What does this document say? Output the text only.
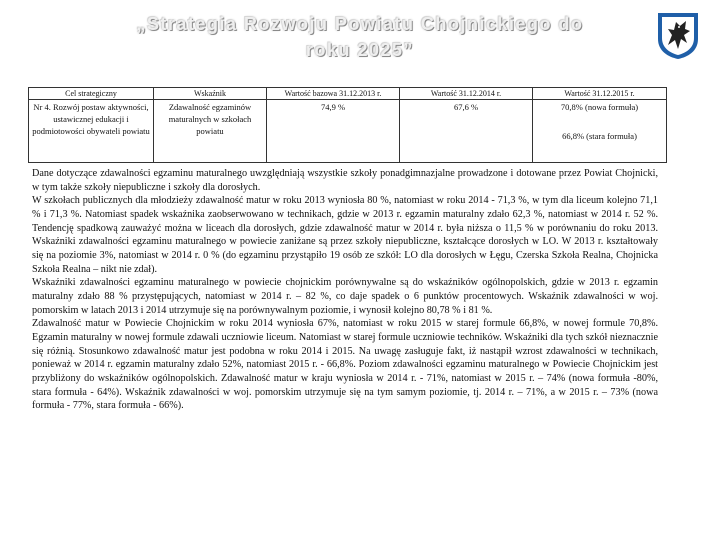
„Strategia Rozwoju Powiatu Chojnickiego do
roku 2025”
Cel strategiczny	Wskaźnik	Wartość bazowa 31.12.2013 r.	Wartość 31.12.2014 r.	Wartość 31.12.2015 r.
Nr 4. Rozwój postaw aktywności, ustawicznej edukacji i podmiotowości obywateli powiatu	Zdawalność egzaminów maturalnych w szkołach powiatu	74,9 %	67,6 %	70,8% (nowa formuła)

66,8% (stara formuła)

Dane dotyczące zdawalności egzaminu maturalnego uwzględniają wszystkie szkoły ponadgimnazjalne prowadzone i dotowane przez Powiat Chojnicki, w tym także szkoły niepubliczne i szkoły dla dorosłych.

W szkołach publicznych dla młodzieży zdawalność matur w roku 2013 wyniosła 80 %, natomiast w roku 2014 - 71,3 %, w tym dla liceum kolejno 71,1 % i 71,3 %. Natomiast spadek wskaźnika zaobserwowano w technikach, gdzie w 2013 r. egzamin maturalny zdało 62,3 %, natomiast w 2014 r. 52 %. Tendencję spadkową zauważyć można w liceach dla dorosłych, gdzie zdawalność matur w 2014 r. była niższa o 11,5 % w porównaniu do roku 2013. Wskaźniki zdawalności egzaminu maturalnego w powiecie zaniżane są przez szkoły niepubliczne, kształcące dorosłych w LO. W 2013 r. kształtowały się na poziomie 3%, natomiast w 2014 r. 0 % (do egzaminu przystąpiło 19 osób ze szkół: LO dla dorosłych w Łęgu, Czerska Szkoła Realna, Chojnicka Szkoła Realna – nikt nie zdał).

Wskaźniki zdawalności egzaminu maturalnego w powiecie chojnickim porównywalne są do wskaźników ogólnopolskich, gdzie w 2013 r. egzamin maturalny zdało 88 % przystępujących, natomiast w 2014 r. – 82 %, co daje spadek o 6 punktów procentowych. Wskaźnik zdawalności w woj. pomorskim w latach 2013 i 2014 utrzymuje się na porównywalnym poziomie, i wynosił kolejno 80,78 % i 81 %.

Zdawalność matur w Powiecie Chojnickim w roku 2014 wyniosła 67%, natomiast w roku 2015 w starej formule 66,8%, w nowej formule 70,8%. Egzamin maturalny w nowej formule zdawali uczniowie liceum. Natomiast w starej formule uczniowie techników. Wskaźniki dla tych szkół nieznacznie się różnią. Stosunkowo zdawalność matur jest podobna w roku 2014 i 2015. Na uwagę zasługuje fakt, iż nastąpił wzrost zdawalności w technikach, ponieważ w 2014 r. egzamin maturalny zdało 52%, natomiast 2015 r. - 66,8%. Poziom zdawalności egzaminu maturalnego w Powiecie Chojnickim jest przybliżony do wskaźników ogólnopolskich. Zdawalność matur w kraju wyniosła w 2014 r. - 71%, natomiast w 2015 r. – 74% (nowa formuła -80%, stara formuła - 64%). Wskaźnik zdawalności w woj. pomorskim utrzymuje się na tym samym poziomie, tj. 2014 r. – 71%, a w 2015 r. – 73% (nowa formuła - 77%, stara formuła - 66%).
